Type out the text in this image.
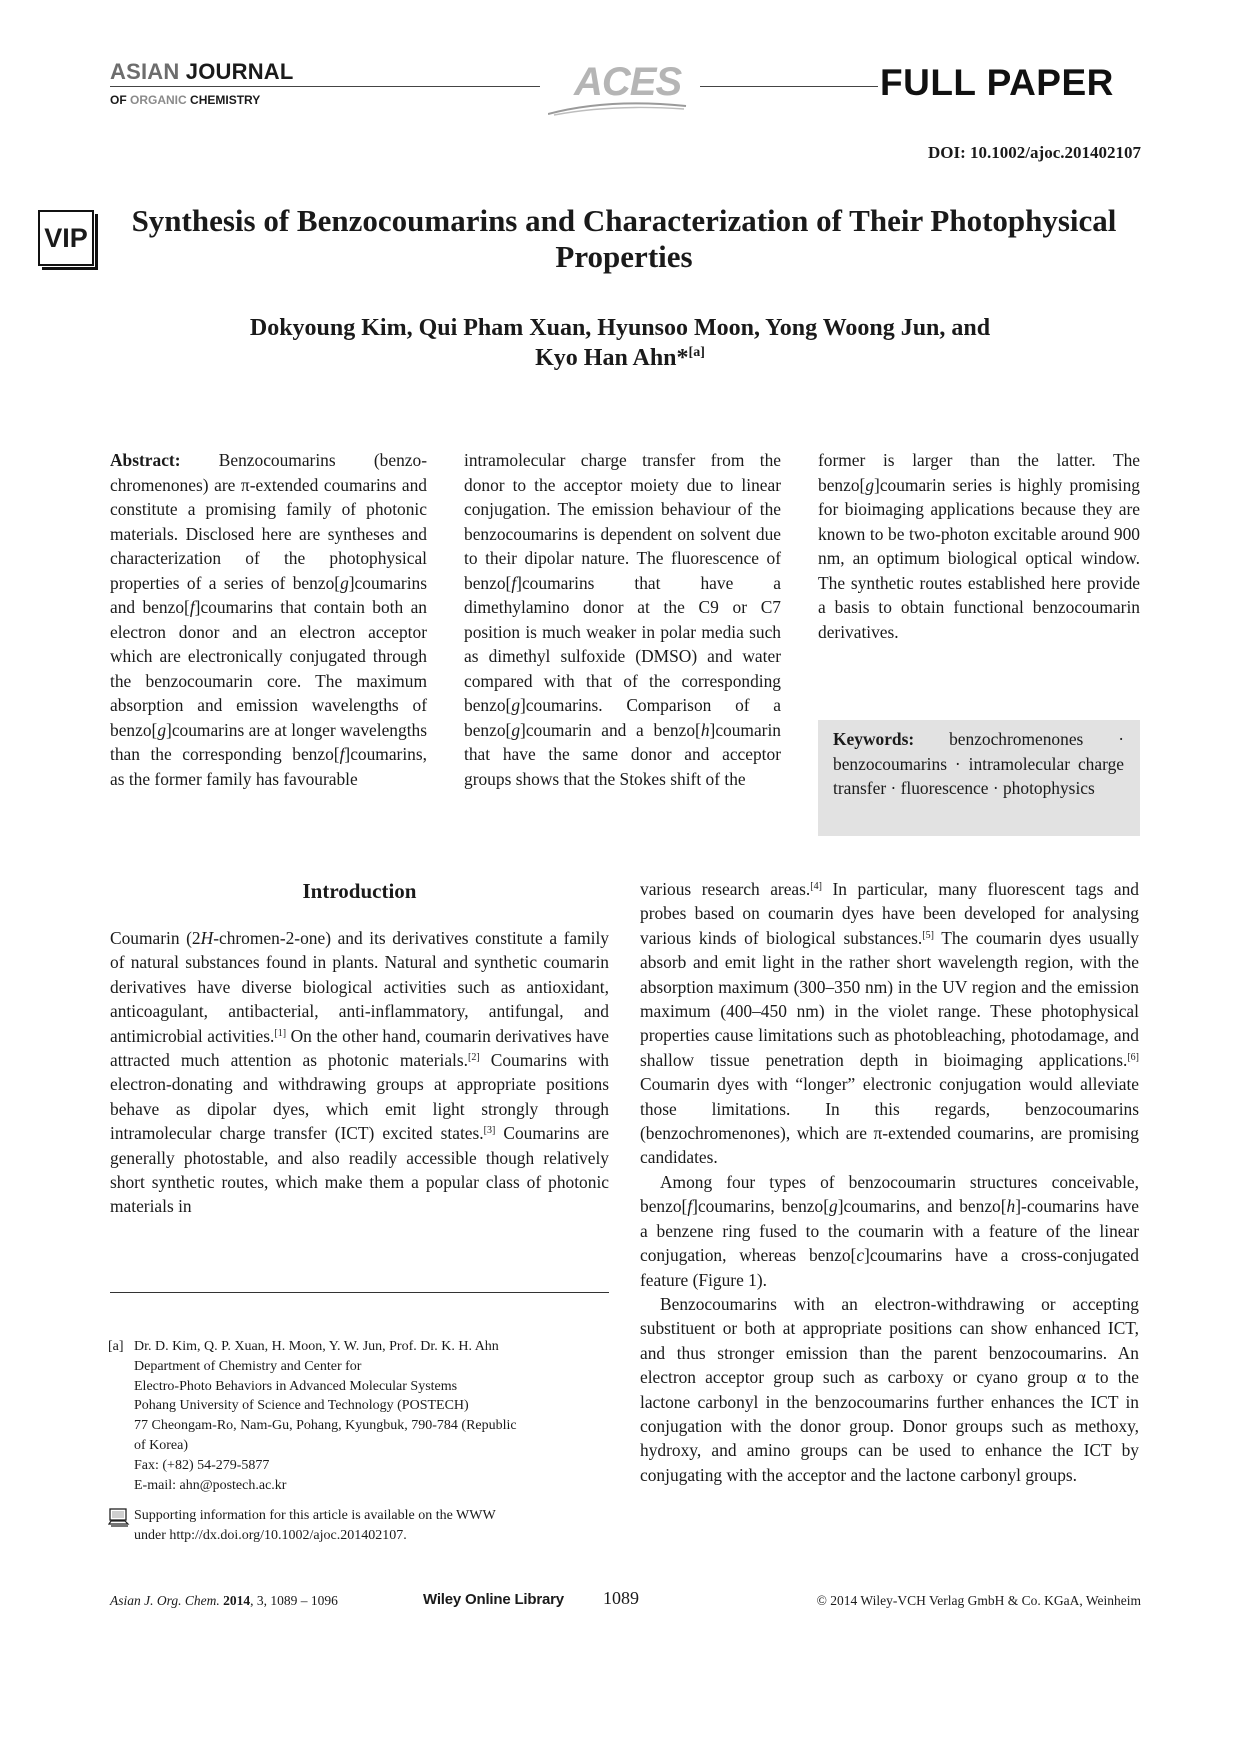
ASIAN JOURNAL
OF ORGANIC CHEMISTRY	ACES	FULL PAPER
DOI: 10.1002/ajoc.201402107
VIP	Synthesis of Benzocoumarins and Characterization of Their Photophysical
Properties
Dokyoung Kim, Qui Pham Xuan, Hyunsoo Moon, Yong Woong Jun, and
Kyo Han Ahn*[a]
Abstract: Benzocoumarins (benzo-chromenones) are π-extended coumarins and constitute a promising family of photonic materials. Disclosed here are syntheses and characterization of the photophysical properties of a series of benzo[g]coumarins and benzo[f]coumarins that contain both an electron donor and an electron acceptor which are electronically conjugated through the benzocoumarin core. The maximum absorption and emission wavelengths of benzo[g]coumarins are at longer wavelengths than the corresponding benzo[f]coumarins, as the former family has favourable
intramolecular charge transfer from the donor to the acceptor moiety due to linear conjugation. The emission behaviour of the benzocoumarins is dependent on solvent due to their dipolar nature. The fluorescence of benzo[f]coumarins that have a dimethylamino donor at the C9 or C7 position is much weaker in polar media such as dimethyl sulfoxide (DMSO) and water compared with that of the corresponding benzo[g]coumarins. Comparison of a benzo[g]coumarin and a benzo[h]coumarin that have the same donor and acceptor groups shows that the Stokes shift of the
former is larger than the latter. The benzo[g]coumarin series is highly promising for bioimaging applications because they are known to be two-photon excitable around 900 nm, an optimum biological optical window. The synthetic routes established here provide a basis to obtain functional benzocoumarin derivatives.
Keywords: benzochromenones · benzocoumarins · intramolecular charge transfer · fluorescence · photophysics
Introduction
Coumarin (2H-chromen-2-one) and its derivatives constitute a family of natural substances found in plants. Natural and synthetic coumarin derivatives have diverse biological activities such as antioxidant, anticoagulant, antibacterial, anti-inflammatory, antifungal, and antimicrobial activities.[1] On the other hand, coumarin derivatives have attracted much attention as photonic materials.[2] Coumarins with electron-donating and withdrawing groups at appropriate positions behave as dipolar dyes, which emit light strongly through intramolecular charge transfer (ICT) excited states.[3] Coumarins are generally photostable, and also readily accessible though relatively short synthetic routes, which make them a popular class of photonic materials in

various research areas.[4] In particular, many fluorescent tags and probes based on coumarin dyes have been developed for analysing various kinds of biological substances.[5] The coumarin dyes usually absorb and emit light in the rather short wavelength region, with the absorption maximum (300–350 nm) in the UV region and the emission maximum (400–450 nm) in the violet range. These photophysical properties cause limitations such as photobleaching, photodamage, and shallow tissue penetration depth in bioimaging applications.[6] Coumarin dyes with “longer” electronic conjugation would alleviate those limitations. In this regards, benzocoumarins (benzochromenones), which are π-extended coumarins, are promising candidates.

Among four types of benzocoumarin structures conceivable, benzo[f]coumarins, benzo[g]coumarins, and benzo[h]-coumarins have a benzene ring fused to the coumarin with a feature of the linear conjugation, whereas benzo[c]coumarins have a cross-conjugated feature (Figure 1).

Benzocoumarins with an electron-withdrawing or accepting substituent or both at appropriate positions can show enhanced ICT, and thus stronger emission than the parent benzocoumarins. An electron acceptor group such as carboxy or cyano group α to the lactone carbonyl in the benzocoumarins further enhances the ICT in conjugation with the donor group. Donor groups such as methoxy, hydroxy, and amino groups can be used to enhance the ICT by conjugating with the acceptor and the lactone carbonyl groups.

[a] Dr. D. Kim, Q. P. Xuan, H. Moon, Y. W. Jun, Prof. Dr. K. H. Ahn
Department of Chemistry and Center for
Electro-Photo Behaviors in Advanced Molecular Systems
Pohang University of Science and Technology (POSTECH)
77 Cheongam-Ro, Nam-Gu, Pohang, Kyungbuk, 790-784 (Republic
of Korea)
Fax: (+82) 54-279-5877
E-mail: ahn@postech.ac.kr
Supporting information for this article is available on the WWW
under http://dx.doi.org/10.1002/ajoc.201402107.
Asian J. Org. Chem. 2014, 3, 1089 – 1096	Wiley Online Library 1089	© 2014 Wiley-VCH Verlag GmbH & Co. KGaA, Weinheim
